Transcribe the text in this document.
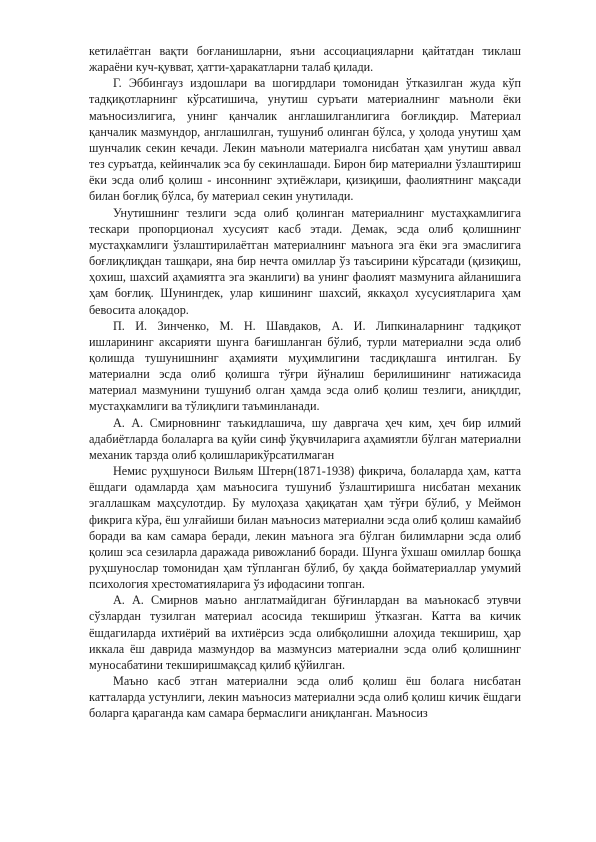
кетилаётган вақти боғланишларни, яъни ассоциацияларни қайтатдан тиклаш жараёни куч-қувват, ҳатти-ҳаракатларни талаб қилади.

Г. Эббингауз издошлари ва шогирдлари томонидан ўтказилган жуда кўп тадқиқотларнинг кўрсатишича, унутиш суръати материалнинг маъноли ёки маъносизлигига, унинг қанчалик англашилганлигига боғлиқдир. Материал қанчалик мазмундор, англашилган, тушуниб олинган бўлса, у ҳолода унутиш ҳам шунчалик секин кечади. Лекин маъноли материалга нисбатан ҳам унутиш аввал тез суръатда, кейинчалик эса бу секинлашади. Бирон бир материални ўзлаштириш ёки эсда олиб қолиш - инсоннинг эҳтиёжлари, қизиқиши, фаолиятнинг мақсади билан боғлиқ бўлса, бу материал секин унутилади.

Унутишнинг тезлиги эсда олиб қолинган материалнинг мустаҳкамлигига тескари пропорционал хусусият касб этади. Демак, эсда олиб қолишнинг мустаҳкамлиги ўзлаштирилаётган материалнинг маънога эга ёки эга эмаслигига боғлиқлиқдан ташқари, яна бир нечта омиллар ўз таъсирини кўрсатади (қизиқиш, ҳохиш, шахсий аҳамиятга эга эканлиги) ва унинг фаолият мазмунига айланишига ҳам боғлиқ. Шунингдек, улар кишининг шахсий, яккаҳол хусусиятларига ҳам бевосита алоқадор.

П. И. Зинченко, М. Н. Шавдаков, А. И. Липкиналарнинг тадқиқот ишларининг аксарияти шунга бағишланган бўлиб, турли материални эсда олиб қолишда тушунишнинг аҳамияти муҳимлигини тасдиқлашга интилган. Бу материални эсда олиб қолишга тўғри йўналиш берилишининг натижасида материал мазмунини тушуниб олган ҳамда эсда олиб қолиш тезлиги, аниқлдиг, мустаҳкамлиги ва тўлиқлиги таъминланади.

А. А. Смирновнинг таъкидлашича, шу давргача ҳеч ким, ҳеч бир илмий адабиётларда болаларга ва қуйи синф ўқувчиларига аҳамиятли бўлган материални механик тарзда олиб қолишларикўрсатилмаган

Немис руҳшуноси Вильям Штерн(1871-1938) фикрича, болаларда ҳам, катта ёшдаги одамларда ҳам маъносига тушуниб ўзлаштиришга нисбатан механик эгаллашкам маҳсулотдир. Бу мулоҳаза ҳақиқатан ҳам тўғри бўлиб, у Меймон фикрига кўра, ёш улғайиши билан маъносиз материални эсда олиб қолиш камайиб боради ва кам самара беради, лекин маънога эга бўлган билимларни эсда олиб қолиш эса сезиларла даражада ривожланиб боради. Шунга ўхшаш омиллар бошқа руҳшунослар томонидан ҳам тўпланган бўлиб, бу ҳақда бойматериаллар умумий психология хрестоматияларига ўз ифодасини топган.

А. А. Смирнов маъно англатмайдиган бўғинлардан ва маънокасб этувчи сўзлардан тузилган материал асосида текшириш ўтказган. Катта ва кичик ёшдагиларда ихтиёрий ва ихтиёрсиз эсда олибқолишни алоҳида текшириш, ҳар иккала ёш даврида мазмундор ва мазмунсиз материални эсда олиб қолишнинг муносабатини текширишмақсад қилиб қўйилган.

Маъно касб этган материални эсда олиб қолиш ёш болага нисбатан катталарда устунлиги, лекин маъносиз материални эсда олиб қолиш кичик ёшдаги боларга қараганда кам самара бермаслиги аниқланган. Маъносиз
